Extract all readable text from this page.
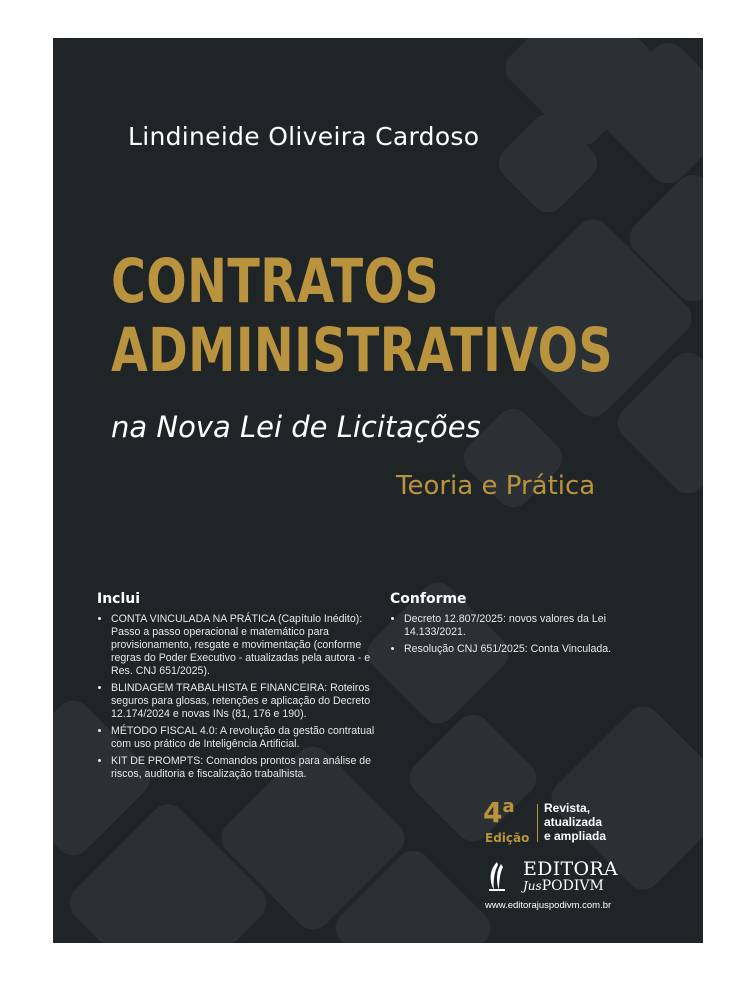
Lindineide Oliveira Cardoso
CONTRATOS
ADMINISTRATIVOS
na Nova Lei de Licitações
Teoria e Prática
Inclui
• CONTA VINCULADA NA PRÁTICA (Capítulo Inédito): Passo a passo operacional e matemático para provisionamento, resgate e movimentação (conforme regras do Poder Executivo - atualizadas pela autora - e Res. CNJ 651/2025).
• BLINDAGEM TRABALHISTA E FINANCEIRA: Roteiros seguros para glosas, retenções e aplicação do Decreto 12.174/2024 e novas INs (81, 176 e 190).
• MÉTODO FISCAL 4.0: A revolução da gestão contratual com uso prático de Inteligência Artificial.
• KIT DE PROMPTS: Comandos prontos para análise de riscos, auditoria e fiscalização trabalhista.
Conforme
• Decreto 12.807/2025: novos valores da Lei 14.133/2021.
• Resolução CNJ 651/2025: Conta Vinculada.
4$^a$
Edição
Revista,
atualizada
e ampliada
EDITORA
JusPODIVM
www.editorajuspodivm.com.br
